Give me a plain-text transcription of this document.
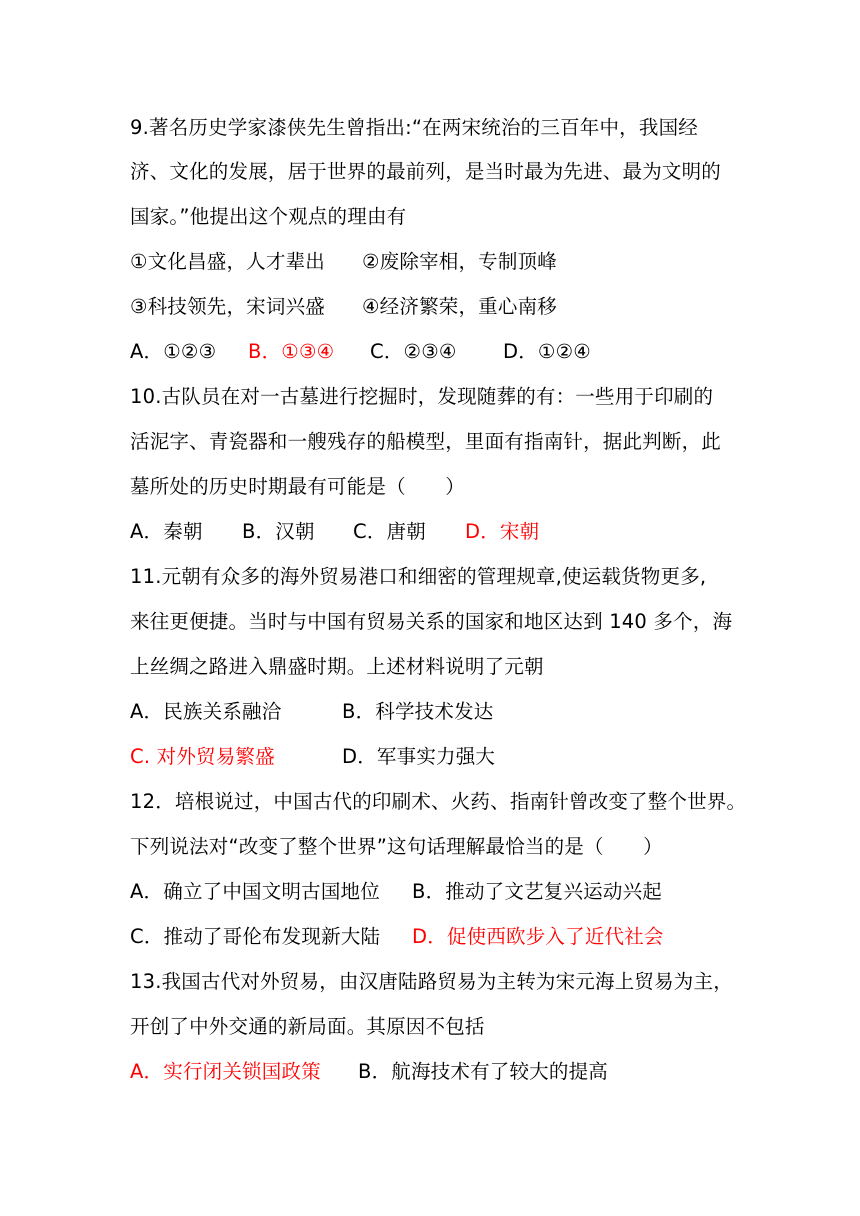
9.著名历史学家漆侠先生曾指出:“在两宋统治的三百年中，我国经
济、文化的发展，居于世界的最前列，是当时最为先进、最为文明的
国家。”他提出这个观点的理由有
①文化昌盛，人才辈出 ②废除宰相，专制顶峰
③科技领先，宋词兴盛 ④经济繁荣，重心南移
A．①②③ B．①③④ C．②③④ D．①②④
10.古队员在对一古墓进行挖掘时，发现随葬的有：一些用于印刷的
活泥字、青瓷器和一艘残存的船模型，里面有指南针，据此判断，此
墓所处的历史时期最有可能是（　　）
A．秦朝 B．汉朝 C．唐朝 D．宋朝
11.元朝有众多的海外贸易港口和细密的管理规章,使运载货物更多,
来往更便捷。当时与中国有贸易关系的国家和地区达到 140 多个，海
上丝绸之路进入鼎盛时期。上述材料说明了元朝
A．民族关系融洽	B．科学技术发达
C. 对外贸易繁盛	D．军事实力强大
12．培根说过，中国古代的印刷术、火药、指南针曾改变了整个世界。
下列说法对“改变了整个世界”这句话理解最恰当的是（　　）
A．确立了中国文明古国地位 B．推动了文艺复兴运动兴起
C．推动了哥伦布发现新大陆 D．促使西欧步入了近代社会
13.我国古代对外贸易，由汉唐陆路贸易为主转为宋元海上贸易为主，
开创了中外交通的新局面。其原因不包括
A．实行闭关锁国政策 B．航海技术有了较大的提高
